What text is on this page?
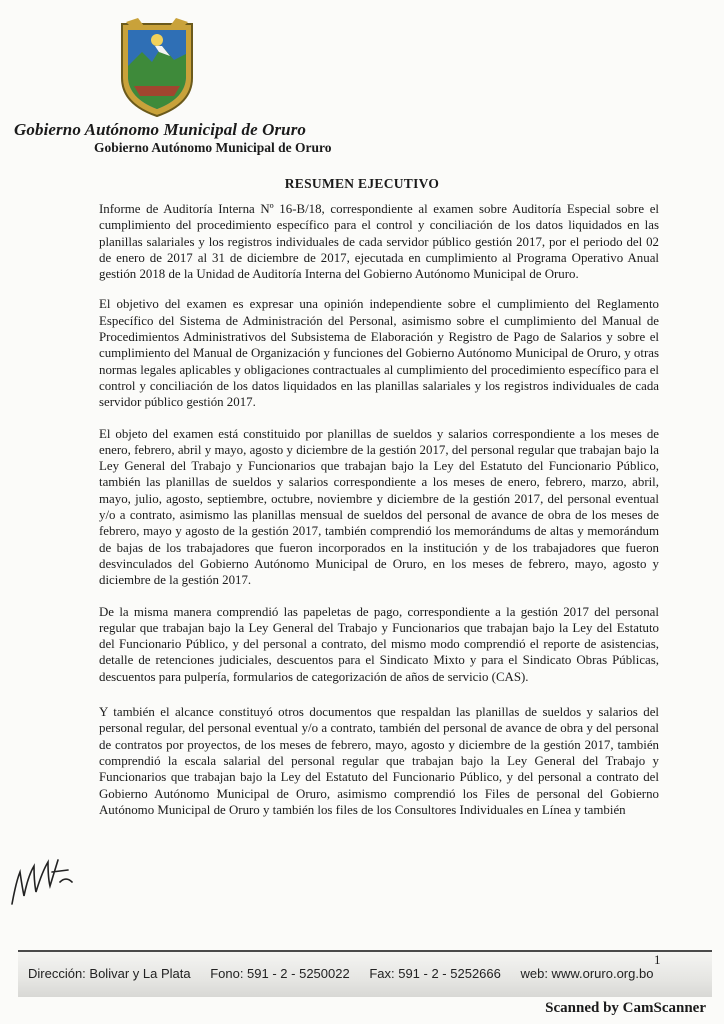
Gobierno Autónomo Municipal de Oruro
Gobierno Autónomo Municipal de Oruro
RESUMEN EJECUTIVO

Informe de Auditoría Interna Nº 16-B/18, correspondiente al examen sobre Auditoría Especial sobre el cumplimiento del procedimiento específico para el control y conciliación de los datos liquidados en las planillas salariales y los registros individuales de cada servidor público gestión 2017, por el periodo del 02 de enero de 2017 al 31 de diciembre de 2017, ejecutada en cumplimiento al Programa Operativo Anual gestión 2018 de la Unidad de Auditoría Interna del Gobierno Autónomo Municipal de Oruro.

El objetivo del examen es expresar una opinión independiente sobre el cumplimiento del Reglamento Específico del Sistema de Administración del Personal, asimismo sobre el cumplimiento del Manual de Procedimientos Administrativos del Subsistema de Elaboración y Registro de Pago de Salarios y sobre el cumplimiento del Manual de Organización y funciones del Gobierno Autónomo Municipal de Oruro, y otras normas legales aplicables y obligaciones contractuales al cumplimiento del procedimiento específico para el control y conciliación de los datos liquidados en las planillas salariales y los registros individuales de cada servidor público gestión 2017.

El objeto del examen está constituido por planillas de sueldos y salarios correspondiente a los meses de enero, febrero, abril y mayo, agosto y diciembre de la gestión 2017, del personal regular que trabajan bajo la Ley General del Trabajo y Funcionarios que trabajan bajo la Ley del Estatuto del Funcionario Público, también las planillas de sueldos y salarios correspondiente a los meses de enero, febrero, marzo, abril, mayo, julio, agosto, septiembre, octubre, noviembre y diciembre de la gestión 2017, del personal eventual y/o a contrato, asimismo las planillas mensual de sueldos del personal de avance de obra de los meses de febrero, mayo y agosto de la gestión 2017, también comprendió los memorándums de altas y memorándum de bajas de los trabajadores que fueron incorporados en la institución y de los trabajadores que fueron desvinculados del Gobierno Autónomo Municipal de Oruro, en los meses de febrero, mayo, agosto y diciembre de la gestión 2017.

De la misma manera comprendió las papeletas de pago, correspondiente a la gestión 2017 del personal regular que trabajan bajo la Ley General del Trabajo y Funcionarios que trabajan bajo la Ley del Estatuto del Funcionario Público, y del personal a contrato, del mismo modo comprendió el reporte de asistencias, detalle de retenciones judiciales, descuentos para el Sindicato Mixto y para el Sindicato Obras Públicas, descuentos para pulpería, formularios de categorización de años de servicio (CAS).

Y también el alcance constituyó otros documentos que respaldan las planillas de sueldos y salarios del personal regular, del personal eventual y/o a contrato, también del personal de avance de obra y del personal de contratos por proyectos, de los meses de febrero, mayo, agosto y diciembre de la gestión 2017, también comprendió la escala salarial del personal regular que trabajan bajo la Ley General del Trabajo y Funcionarios que trabajan bajo la Ley del Estatuto del Funcionario Público, y del personal a contrato del Gobierno Autónomo Municipal de Oruro, asimismo comprendió los Files de personal del Gobierno Autónomo Municipal de Oruro y también los files de los Consultores Individuales en Línea y también

1
Dirección: Bolivar y La Plata Fono: 591 - 2 - 5250022 Fax: 591 - 2 - 5252666 web: www.oruro.org.bo
Scanned by CamScanner
